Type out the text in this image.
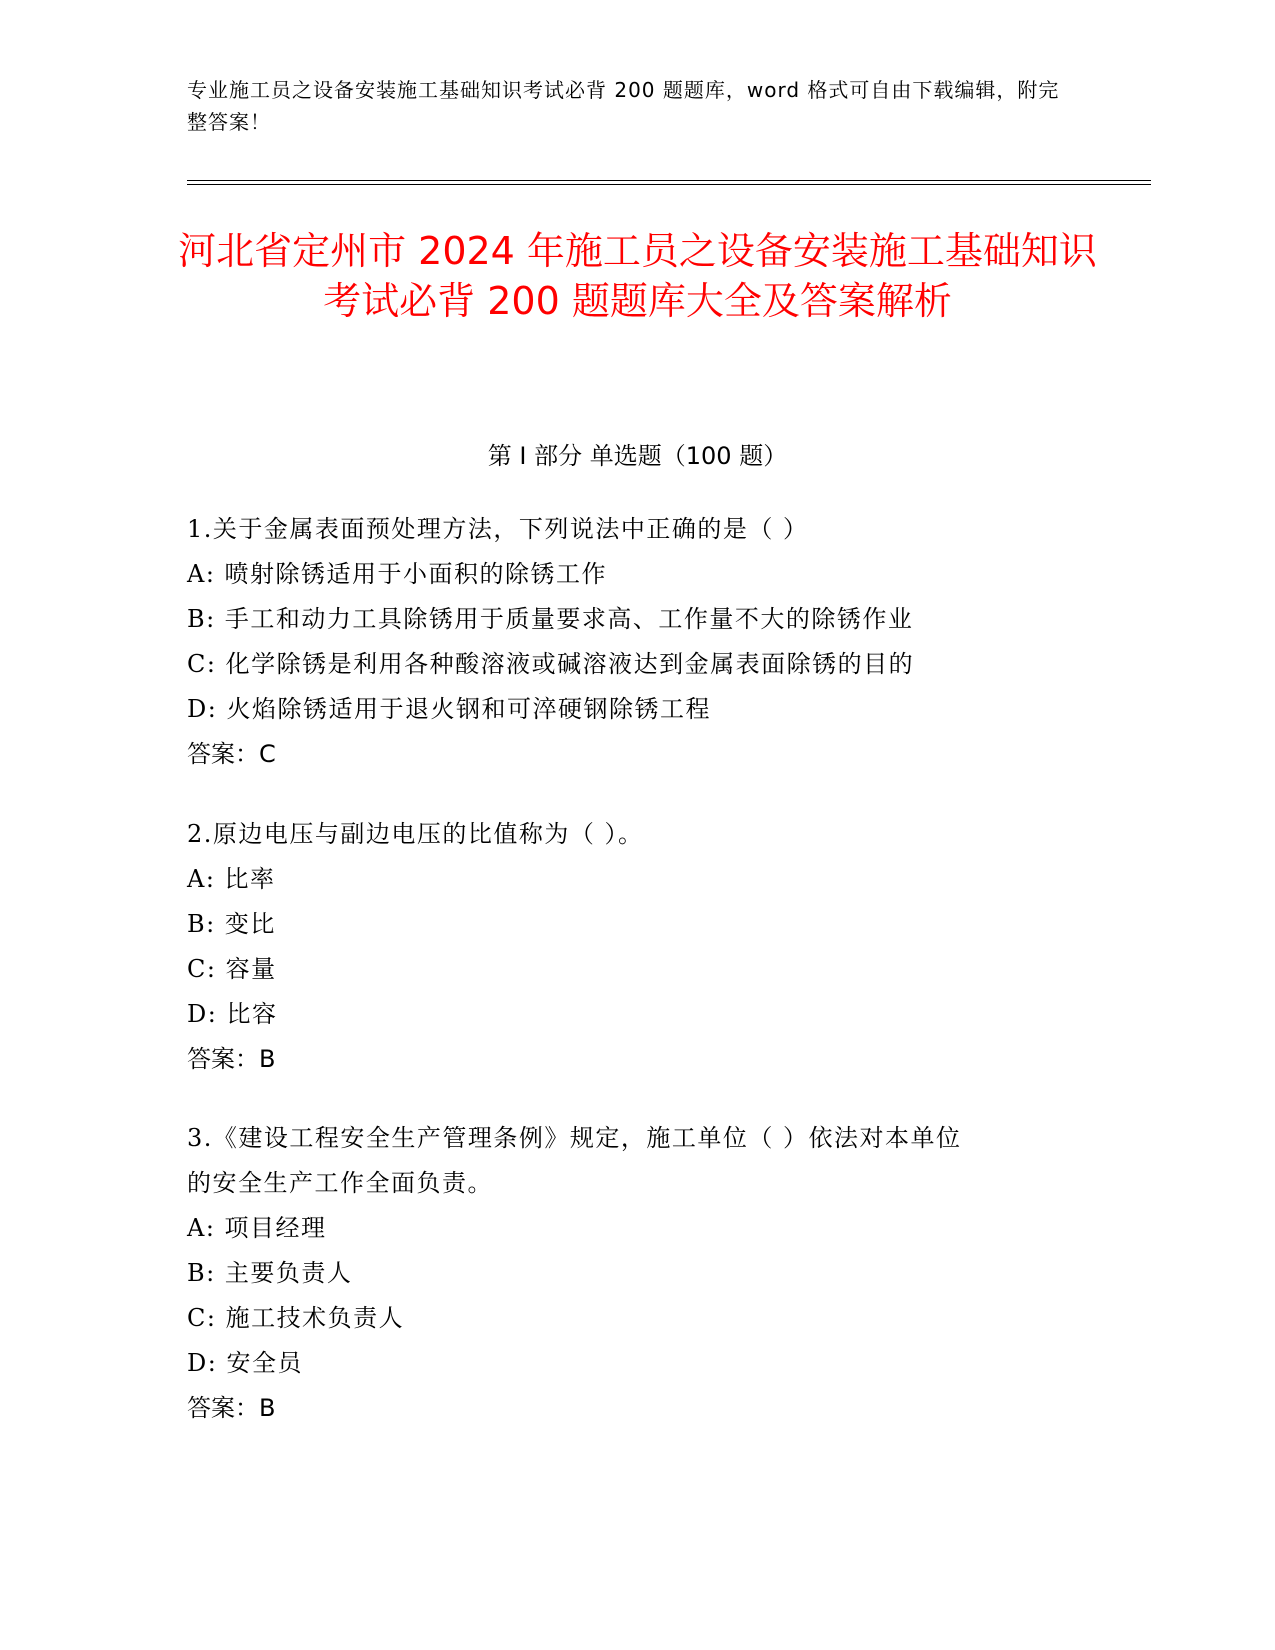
专业施工员之设备安装施工基础知识考试必背 200 题题库，word 格式可自由下载编辑，附完整答案！
河北省定州市 2024 年施工员之设备安装施工基础知识考试必背 200 题题库大全及答案解析
第 I 部分 单选题（100 题）
1.关于金属表面预处理方法，下列说法中正确的是（ ）
A: 喷射除锈适用于小面积的除锈工作
B: 手工和动力工具除锈用于质量要求高、工作量不大的除锈作业
C: 化学除锈是利用各种酸溶液或碱溶液达到金属表面除锈的目的
D: 火焰除锈适用于退火钢和可淬硬钢除锈工程
答案：C
2.原边电压与副边电压的比值称为（ ）。
A: 比率
B: 变比
C: 容量
D: 比容
答案：B
3.《建设工程安全生产管理条例》规定，施工单位（ ）依法对本单位
的安全生产工作全面负责。
A: 项目经理
B: 主要负责人
C: 施工技术负责人
D: 安全员
答案：B
